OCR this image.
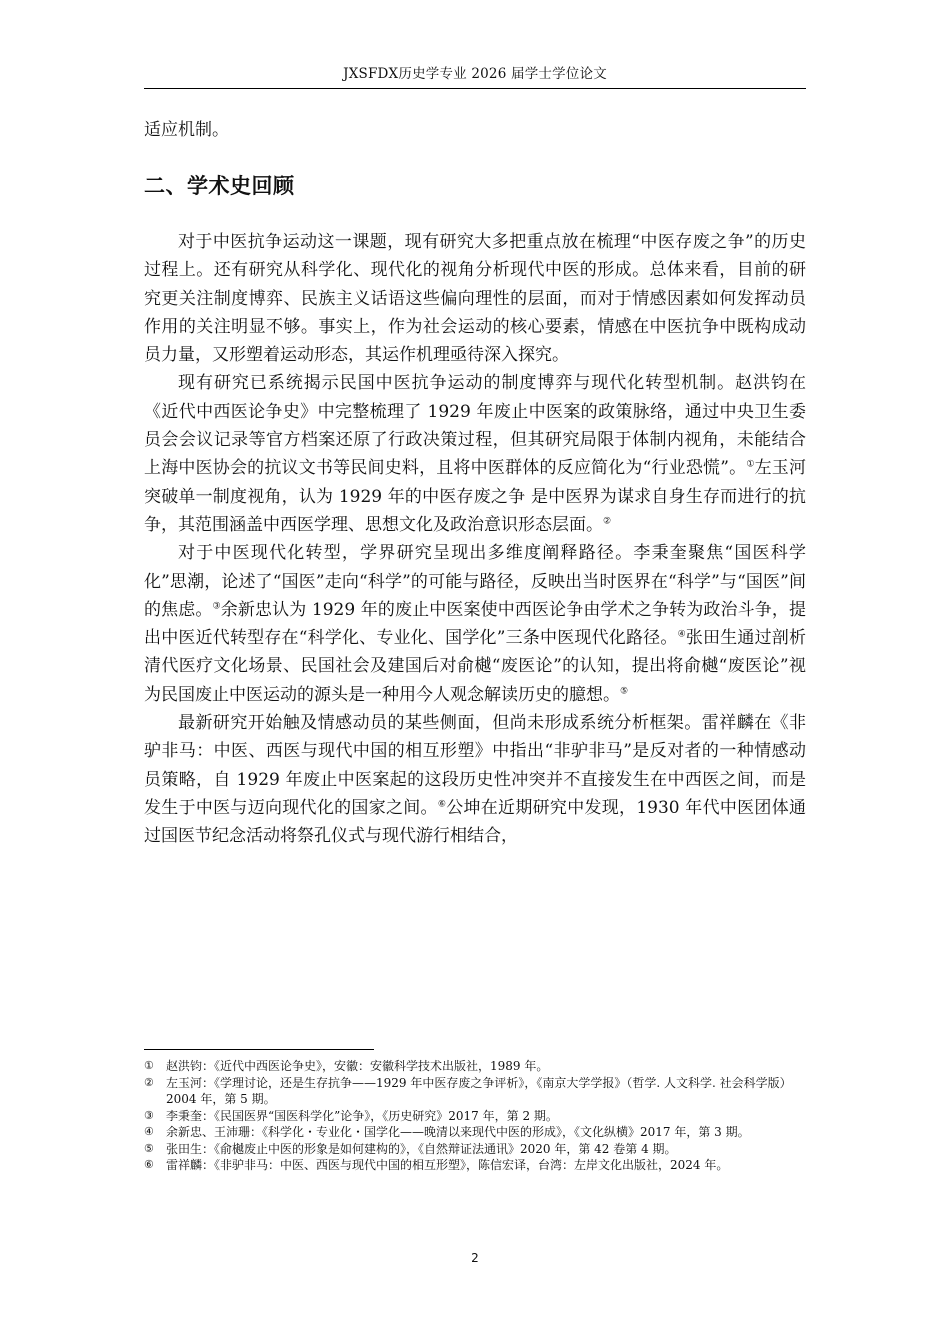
JXSFDX历史学专业 2026 届学士学位论文

适应机制。

二、学术史回顾

对于中医抗争运动这一课题，现有研究大多把重点放在梳理“中医存废之争”的历史过程上。还有研究从科学化、现代化的视角分析现代中医的形成。总体来看，目前的研究更关注制度博弈、民族主义话语这些偏向理性的层面，而对于情感因素如何发挥动员作用的关注明显不够。事实上，作为社会运动的核心要素，情感在中医抗争中既构成动员力量，又形塑着运动形态，其运作机理亟待深入探究。

现有研究已系统揭示民国中医抗争运动的制度博弈与现代化转型机制。赵洪钧在《近代中西医论争史》中完整梳理了 1929 年废止中医案的政策脉络，通过中央卫生委员会会议记录等官方档案还原了行政决策过程，但其研究局限于体制内视角，未能结合上海中医协会的抗议文书等民间史料，且将中医群体的反应简化为“行业恐慌”。①左玉河突破单一制度视角，认为 1929 年的中医存废之争 是中医界为谋求自身生存而进行的抗争，其范围涵盖中西医学理、思想文化及政治意识形态层面。②

对于中医现代化转型，学界研究呈现出多维度阐释路径。李秉奎聚焦“国医科学化”思潮，论述了“国医”走向“科学”的可能与路径，反映出当时医界在“科学”与“国医”间的焦虑。③余新忠认为 1929 年的废止中医案使中西医论争由学术之争转为政治斗争，提出中医近代转型存在“科学化、专业化、国学化”三条中医现代化路径。④张田生通过剖析清代医疗文化场景、民国社会及建国后对俞樾“废医论”的认知，提出将俞樾“废医论”视为民国废止中医运动的源头是一种用今人观念解读历史的臆想。⑤

最新研究开始触及情感动员的某些侧面，但尚未形成系统分析框架。雷祥麟在《非驴非马：中医、西医与现代中国的相互形塑》中指出“非驴非马”是反对者的一种情感动员策略，自 1929 年废止中医案起的这段历史性冲突并不直接发生在中西医之间，而是发生于中医与迈向现代化的国家之间。⑥公坤在近期研究中发现，1930 年代中医团体通过国医节纪念活动将祭孔仪式与现代游行相结合，

①	赵洪钧：《近代中西医论争史》，安徽：安徽科学技术出版社，1989 年。
②	左玉河：《学理讨论，还是生存抗争——1929 年中医存废之争评析》，《南京大学学报》（哲学. 人文科学. 社会科学版）2004 年，第 5 期。
③	李秉奎：《民国医界“国医科学化”论争》，《历史研究》2017 年，第 2 期。
④	余新忠、王沛珊：《科学化・专业化・国学化——晚清以来现代中医的形成》，《文化纵横》2017 年，第 3 期。
⑤	张田生：《俞樾废止中医的形象是如何建构的》，《自然辩证法通讯》2020 年，第 42 卷第 4 期。
⑥	雷祥麟：《非驴非马：中医、西医与现代中国的相互形塑》，陈信宏译，台湾：左岸文化出版社，2024 年。
2
